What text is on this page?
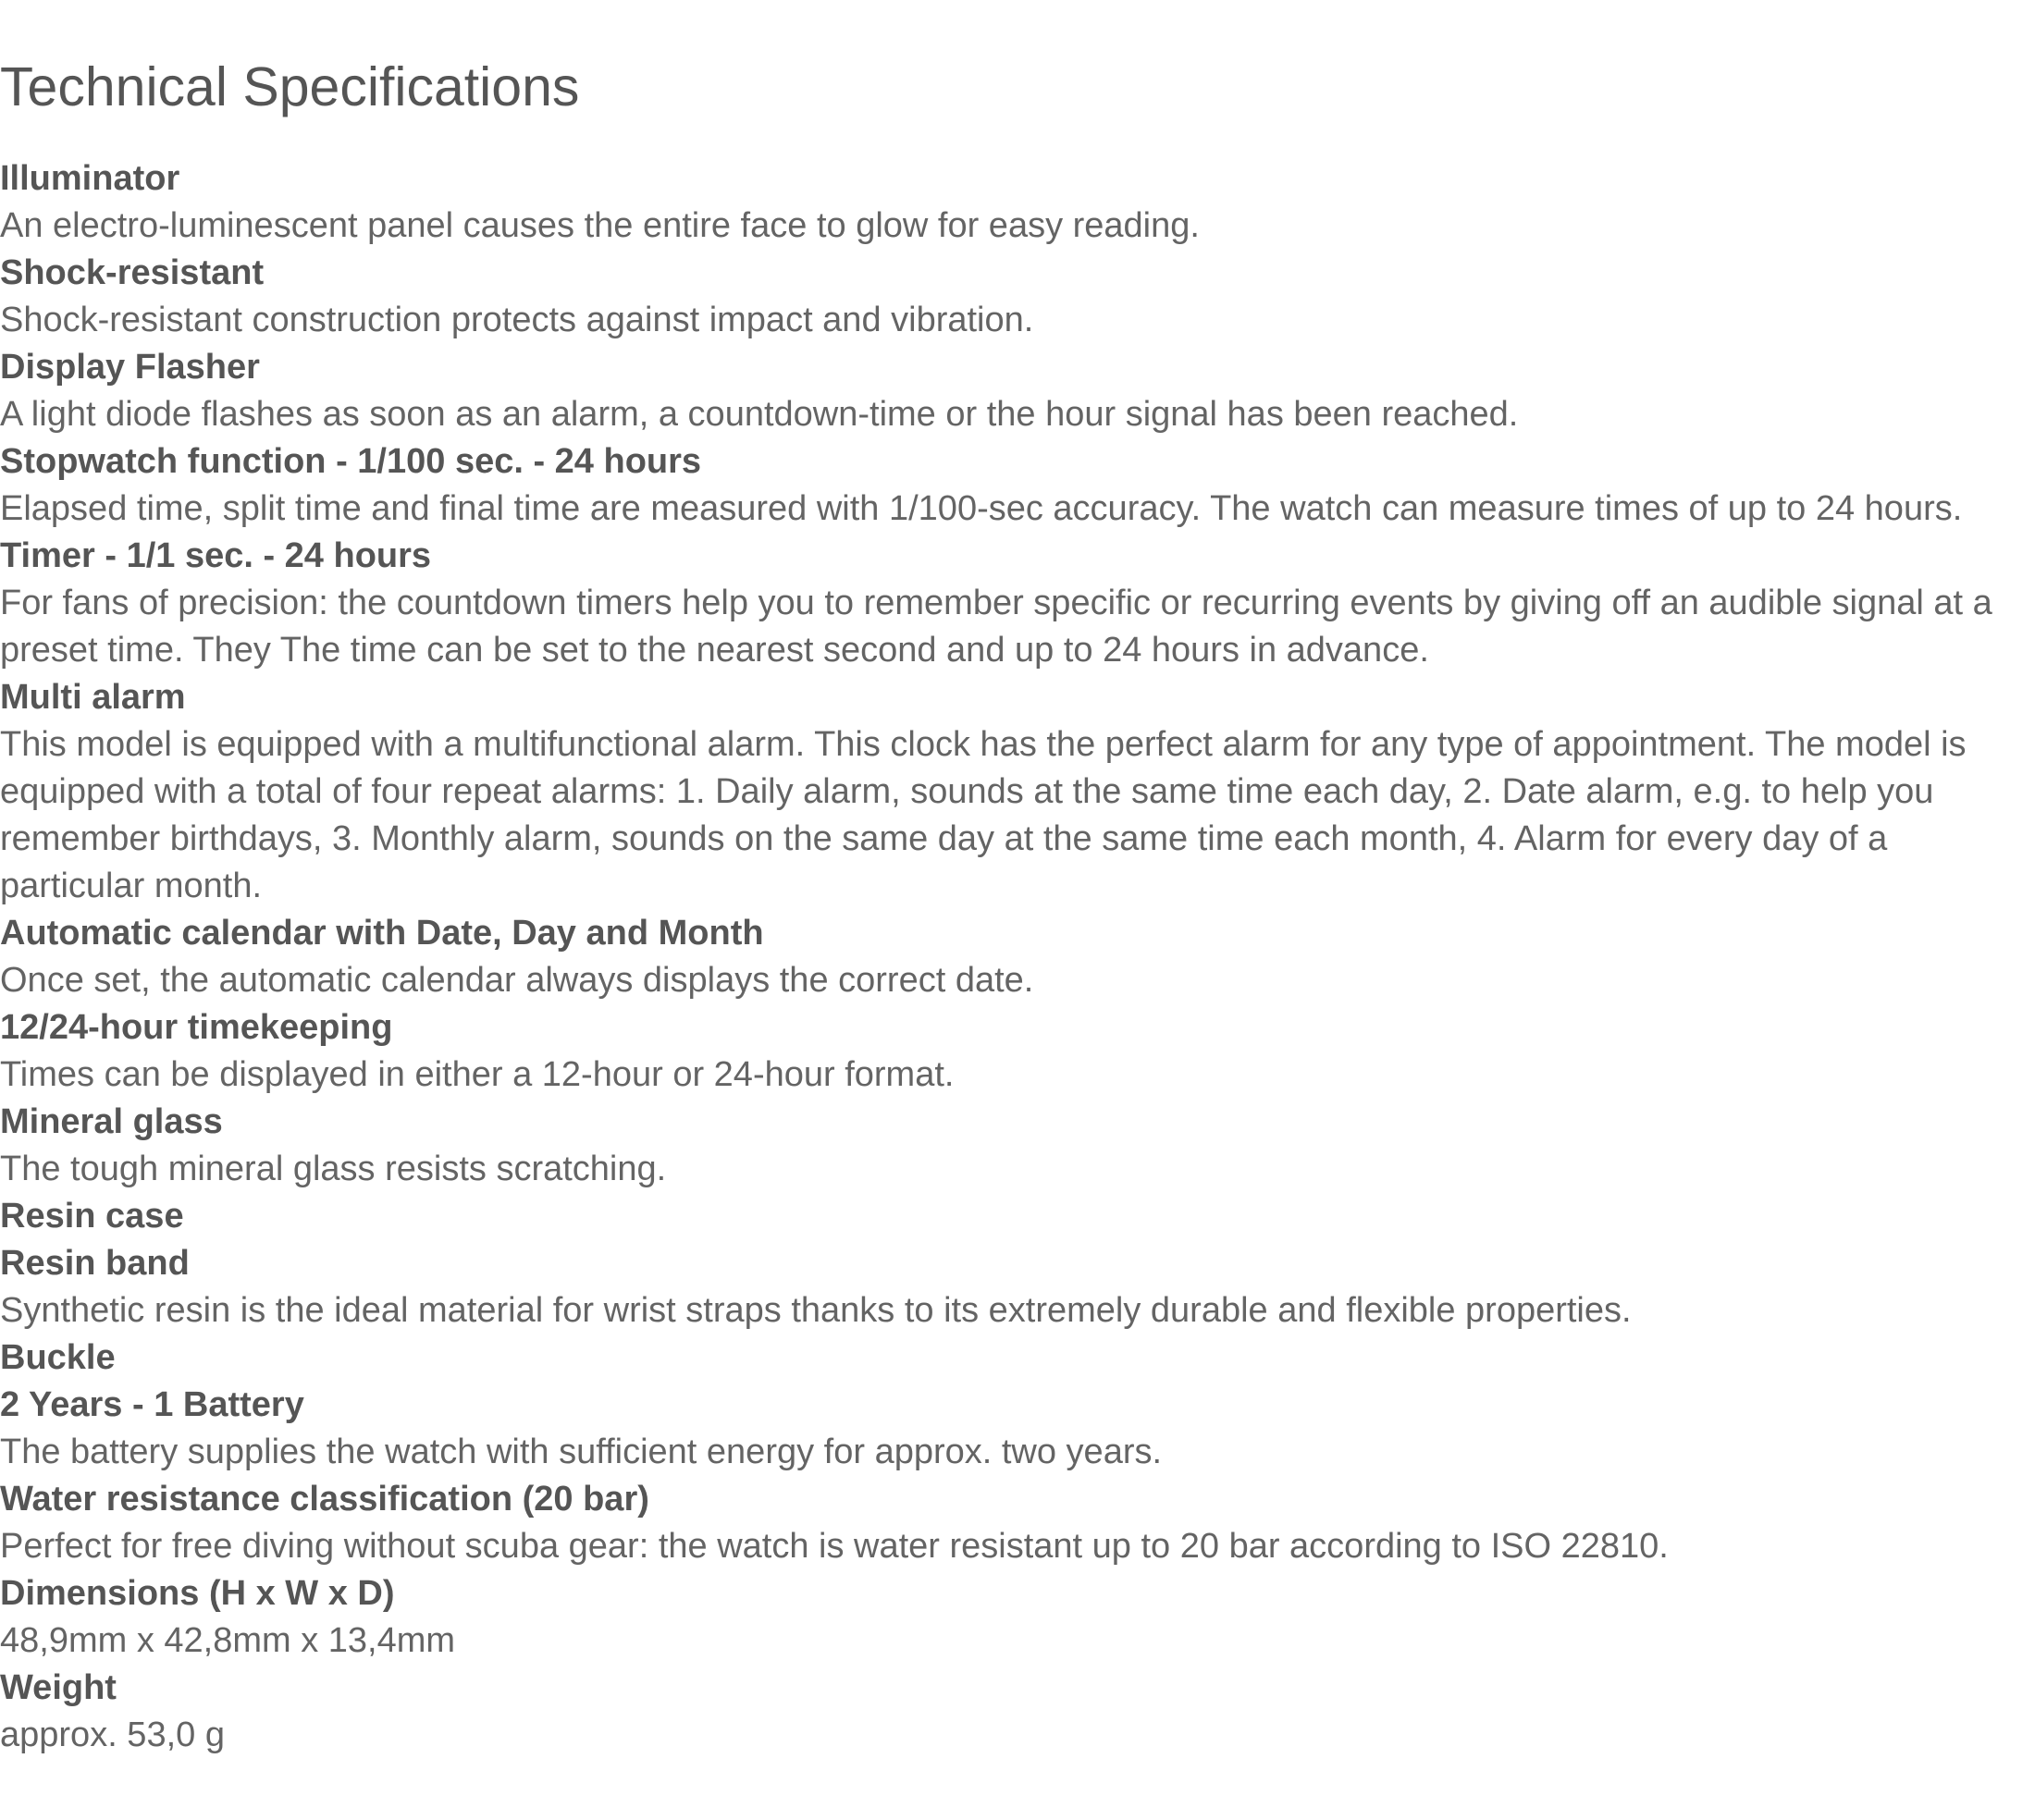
Technical Specifications
Illuminator
An electro-luminescent panel causes the entire face to glow for easy reading.
Shock-resistant
Shock-resistant construction protects against impact and vibration.
Display Flasher
A light diode flashes as soon as an alarm, a countdown-time or the hour signal has been reached.
Stopwatch function - 1/100 sec. - 24 hours
Elapsed time, split time and final time are measured with 1/100-sec accuracy. The watch can measure times of up to 24 hours.
Timer - 1/1 sec. - 24 hours
For fans of precision: the countdown timers help you to remember specific or recurring events by giving off an audible signal at a preset time. They The time can be set to the nearest second and up to 24 hours in advance.
Multi alarm
This model is equipped with a multifunctional alarm. This clock has the perfect alarm for any type of appointment. The model is equipped with a total of four repeat alarms: 1. Daily alarm, sounds at the same time each day, 2. Date alarm, e.g. to help you remember birthdays, 3. Monthly alarm, sounds on the same day at the same time each month, 4. Alarm for every day of a particular month.
Automatic calendar with Date, Day and Month
Once set, the automatic calendar always displays the correct date.
12/24-hour timekeeping
Times can be displayed in either a 12-hour or 24-hour format.
Mineral glass
The tough mineral glass resists scratching.
Resin case
Resin band
Synthetic resin is the ideal material for wrist straps thanks to its extremely durable and flexible properties.
Buckle
2 Years - 1 Battery
The battery supplies the watch with sufficient energy for approx. two years.
Water resistance classification (20 bar)
Perfect for free diving without scuba gear: the watch is water resistant up to 20 bar according to ISO 22810.
Dimensions (H x W x D)
48,9mm x 42,8mm x 13,4mm
Weight
approx. 53,0 g
